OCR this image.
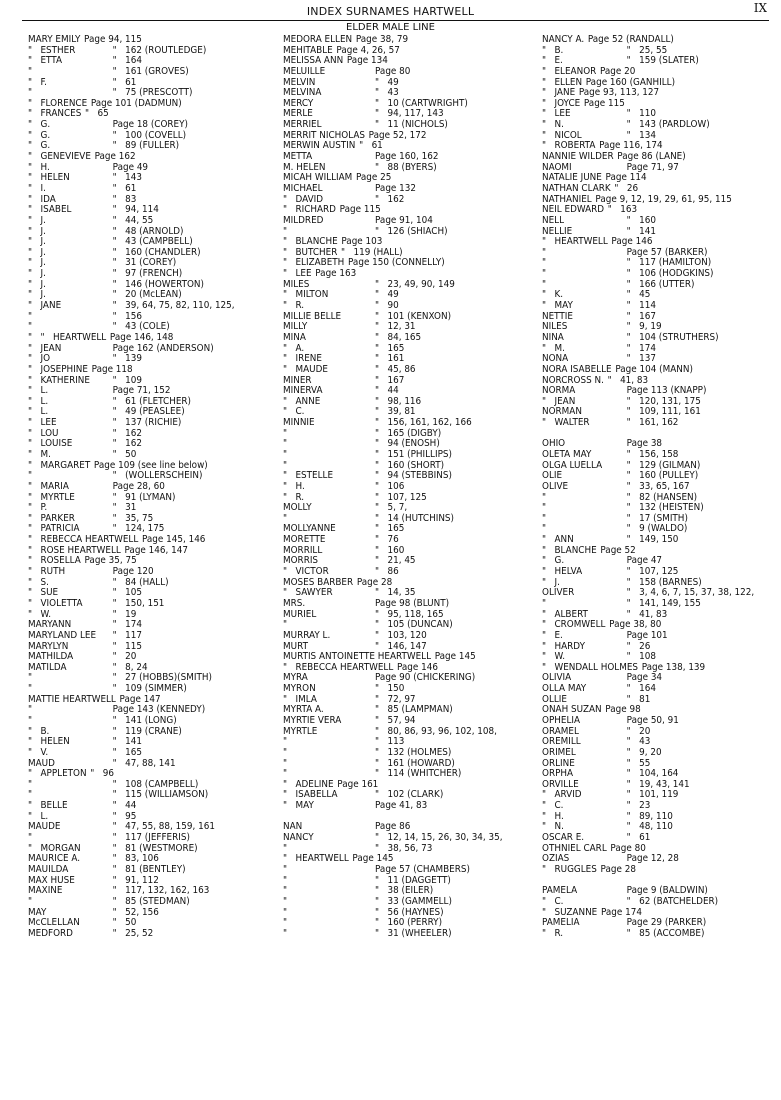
INDEX SURNAMES HARTWELL	IX
ELDER MALE LINE
MARY EMILY Page 94, 115
"   ESTHER	"   162 (ROUTLEDGE)
"   ETTA	"   164
"	"   161 (GROVES)
"   F.	"   61
"	"   75 (PRESCOTT)
"   FLORENCE Page 101 (DADMUN)
"   FRANCES "   65
"   G.	Page 18 (COREY)
"   G.	"   100 (COVELL)
"   G.	"   89 (FULLER)
"   GENEVIEVE Page 162
"   H.	Page 49
"   HELEN	"   143
"   I.	"   61
"   IDA	"   83
"   ISABEL	"   94, 114
"   J.	"   44, 55
"   J.	"   48 (ARNOLD)
"   J.	"   43 (CAMPBELL)
"   J.	"   160 (CHANDLER)
"   J.	"   31 (COREY)
"   J.	"   97 (FRENCH)
"   J.	"   146 (HOWERTON)
"   J.	"   20 (McLEAN)
"   JANE	"   39, 64, 75, 82, 110, 125,
"	"   156
"	"   43 (COLE)
"   "   HEARTWELL Page 146, 148
"   JEAN	Page 162 (ANDERSON)
"   JO	"   139
"   JOSEPHINE Page 118
"   KATHERINE	"   109
"   L.	Page 71, 152
"   L.	"   61 (FLETCHER)
"   L.	"   49 (PEASLEE)
"   LEE	"   137 (RICHIE)
"   LOU	"   162
"   LOUISE	"   162
"   M.	"   50
"   MARGARET Page 109 (see line below)
"	"   (WOLLERSCHEIN)
"   MARIA	Page 28, 60
"   MYRTLE	"   91 (LYMAN)
"   P.	"   31
"   PARKER	"   35, 75
"   PATRICIA	"   124, 175
"   REBECCA HEARTWELL Page 145, 146
"   ROSE HEARTWELL Page 146, 147
"   ROSELLA Page 35, 75
"   RUTH	Page 120
"   S.	"   84 (HALL)
"   SUE	"   105
"   VIOLETTA	"   150, 151
"   W.	"   19
MARYANN	"   174
MARYLAND LEE	"   117
MARYLYN	"   115
MATHILDA	"   20
MATILDA	"   8, 24
"	"   27 (HOBBS)(SMITH)
"	"   109 (SIMMER)
MATTIE HEARTWELL Page 147
"	Page 143 (KENNEDY)
"	"   141 (LONG)
"   B.	"   119 (CRANE)
"   HELEN	"   141
"   V.	"   165
MAUD	"   47, 88, 141
"   APPLETON "   96
"	"   108 (CAMPBELL)
"	"   115 (WILLIAMSON)
"   BELLE	"   44
"   L.	"   95
MAUDE	"   47, 55, 88, 159, 161
"	"   117 (JEFFERIS)
"   MORGAN	"   81 (WESTMORE)
MAURICE A.	"   83, 106
MAUILDA	"   81 (BENTLEY)
MAX HUSE	"   91, 112
MAXINE	"   117, 132, 162, 163
"	"   85 (STEDMAN)
MAY	"   52, 156
McCLELLAN	"   50
MEDFORD	"   25, 52
MEDORA ELLEN Page 38, 79
MEHITABLE Page 4, 26, 57
MELISSA ANN Page 134
MELUILLE	Page 80
MELVIN	"   49
MELVINA	"   43
MERCY	"   10 (CARTWRIGHT)
MERLE	"   94, 117, 143
MERRIEL	"   11 (NICHOLS)
MERRIT NICHOLAS Page 52, 172
MERWIN AUSTIN "   61
METTA	Page 160, 162
M. HELEN	"   88 (BYERS)
MICAH WILLIAM Page 25
MICHAEL	Page 132
"   DAVID	"   162
"   RICHARD Page 115
MILDRED	Page 91, 104
"	"   126 (SHIACH)
"   BLANCHE Page 103
"   BUTCHER "   119 (HALL)
"   ELIZABETH Page 150 (CONNELLY)
"   LEE Page 163
MILES	"   23, 49, 90, 149
"   MILTON	"   49
"   R.	"   90
MILLIE BELLE	"   101 (KENXON)
MILLY	"   12, 31
MINA	"   84, 165
"   A.	"   165
"   IRENE	"   161
"   MAUDE	"   45, 86
MINER	"   167
MINERVA	"   44
"   ANNE	"   98, 116
"   C.	"   39, 81
MINNIE	"   156, 161, 162, 166
"	"   165 (DIGBY)
"	"   94 (ENOSH)
"	"   151 (PHILLIPS)
"	"   160 (SHORT)
"   ESTELLE	"   94 (STEBBINS)
"   H.	"   106
"   R.	"   107, 125
MOLLY	"   5, 7,
"	"   14 (HUTCHINS)
MOLLYANNE	"   165
MORETTE	"   76
MORRILL	"   160
MORRIS	"   21, 45
"   VICTOR	"   86
MOSES BARBER Page 28
"   SAWYER	"   14, 35
MRS.	Page 98 (BLUNT)
MURIEL	"   95, 118, 165
"	"   105 (DUNCAN)
MURRAY L.	"   103, 120
MURT	"   146, 147
MURTIS ANTOINETTE HEARTWELL Page 145
"   REBECCA HEARTWELL Page 146
MYRA	Page 90 (CHICKERING)
MYRON	"   150
"   IMLA	"   72, 97
MYRTA A.	"   85 (LAMPMAN)
MYRTIE VERA	"   57, 94
MYRTLE	"   80, 86, 93, 96, 102, 108,
"	"   113
"	"   132 (HOLMES)
"	"   161 (HOWARD)
"	"   114 (WHITCHER)
"   ADELINE Page 161
"   ISABELLA	"   102 (CLARK)
"   MAY	Page 41, 83
NAN	Page 86
NANCY	"   12, 14, 15, 26, 30, 34, 35,
"	"   38, 56, 73
"   HEARTWELL Page 145
"	Page 57 (CHAMBERS)
"	"   11 (DAGGETT)
"	"   38 (EILER)
"	"   33 (GAMMELL)
"	"   56 (HAYNES)
"	"   160 (PERRY)
"	"   31 (WHEELER)
NANCY A. Page 52 (RANDALL)
"   B.	"   25, 55
"   E.	"   159 (SLATER)
"   ELEANOR Page 20
"   ELLEN Page 160 (GANHILL)
"   JANE Page 93, 113, 127
"   JOYCE Page 115
"   LEE	"   110
"   N.	"   143 (PARDLOW)
"   NICOL	"   134
"   ROBERTA Page 116, 174
NANNIE WILDER Page 86 (LANE)
NAOMI	Page 71, 97
NATALIE JUNE Page 114
NATHAN CLARK "   26
NATHANIEL Page 9, 12, 19, 29, 61, 95, 115
NEIL EDWARD "   163
NELL	"   160
NELLIE	"   141
"   HEARTWELL Page 146
"	Page 57 (BARKER)
"	"   117 (HAMILTON)
"	"   106 (HODGKINS)
"	"   166 (UTTER)
"   K.	"   45
"   MAY	"   114
NETTIE	"   167
NILES	"   9, 19
NINA	"   104 (STRUTHERS)
"   M.	"   174
NONA	"   137
NORA ISABELLE Page 104 (MANN)
NORCROSS N. "   41, 83
NORMA	Page 113 (KNAPP)
"   JEAN	"   120, 131, 175
NORMAN	"   109, 111, 161
"   WALTER	"   161, 162
OHIO	Page 38
OLETA MAY	"   156, 158
OLGA LUELLA	"   129 (GILMAN)
OLIE	"   160 (PULLEY)
OLIVE	"   33, 65, 167
"	"   82 (HANSEN)
"	"   132 (HEISTEN)
"	"   17 (SMITH)
"	"   9 (WALDO)
"   ANN	"   149, 150
"   BLANCHE Page 52
"   G.	Page 47
"   HELVA	"   107, 125
"   J.	"   158 (BARNES)
OLIVER	"   3, 4, 6, 7, 15, 37, 38, 122,
"	"   141, 149, 155
"   ALBERT	"   41, 83
"   CROMWELL Page 38, 80
"   E.	Page 101
"   HARDY	"   26
"   W.	"   108
"   WENDALL HOLMES Page 138, 139
OLIVIA	Page 34
OLLA MAY	"   164
OLLIE	"   81
ONAH SUZAN Page 98
OPHELIA	Page 50, 91
ORAMEL	"   20
OREMILL	"   43
ORIMEL	"   9, 20
ORLINE	"   55
ORPHA	"   104, 164
ORVILLE	"   19, 43, 141
"   ARVID	"   101, 119
"   C.	"   23
"   H.	"   89, 110
"   N.	"   48, 110
OSCAR E.	"   61
OTHNIEL CARL Page 80
OZIAS	Page 12, 28
"   RUGGLES Page 28
PAMELA	Page 9 (BALDWIN)
"   C.	"   62 (BATCHELDER)
"   SUZANNE Page 174
PAMELIA	Page 29 (PARKER)
"   R.	"   85 (ACCOMBE)
